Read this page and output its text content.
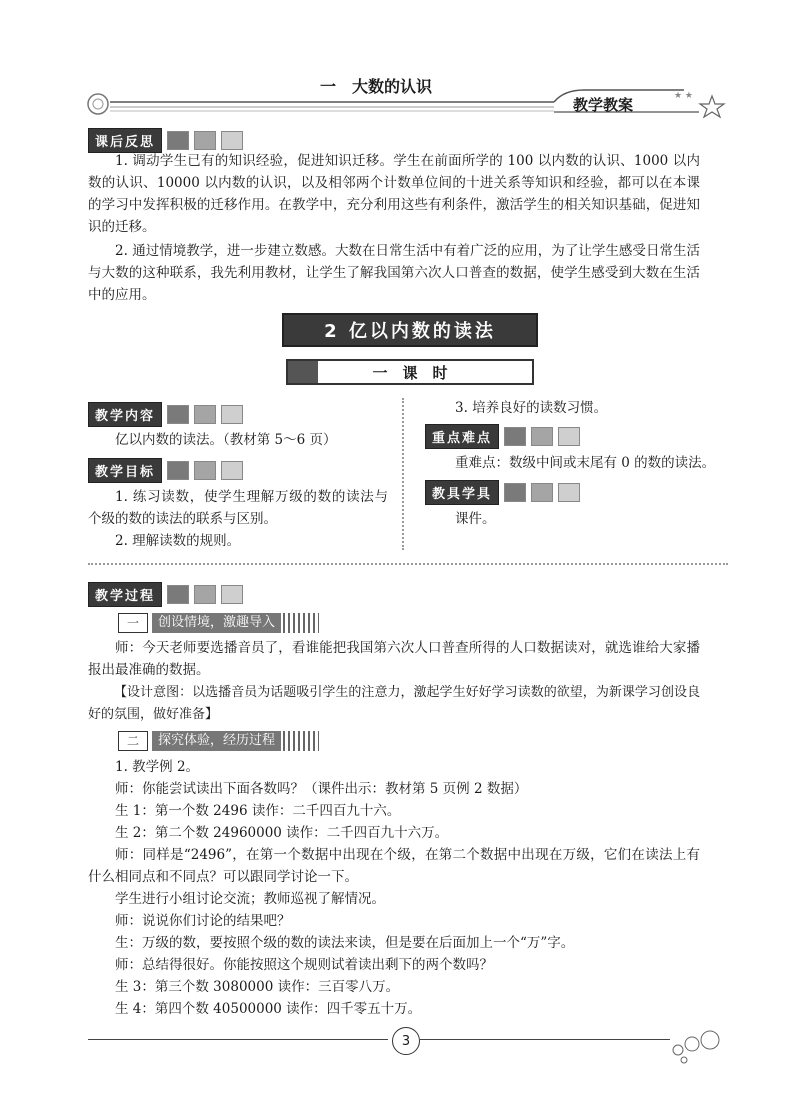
一　大数的认识	★ ★
教学教案
课后反思

1. 调动学生已有的知识经验，促进知识迁移。学生在前面所学的 100 以内数的认识、1000 以内数的认识、10000 以内数的认识，以及相邻两个计数单位间的十进关系等知识和经验，都可以在本课的学习中发挥积极的迁移作用。在教学中，充分利用这些有利条件，激活学生的相关知识基础，促进知识的迁移。

2. 通过情境教学，进一步建立数感。大数在日常生活中有着广泛的应用，为了让学生感受日常生活与大数的这种联系，我先利用教材，让学生了解我国第六次人口普查的数据，使学生感受到大数在生活中的应用。

2 亿以内数的读法
一　课　时
教学内容

亿以内数的读法。（教材第 5～6 页）

教学目标

1. 练习读数，使学生理解万级的数的读法与个级的数的读法的联系与区别。

2. 理解读数的规则。

3. 培养良好的读数习惯。

重点难点

重难点：数级中间或末尾有 0 的数的读法。

教具学具

课件。

教学过程
一	创设情境，激趣导入

师：今天老师要选播音员了，看谁能把我国第六次人口普查所得的人口数据读对，就选谁给大家播报出最准确的数据。

【设计意图：以选播音员为话题吸引学生的注意力，激起学生好好学习读数的欲望，为新课学习创设良好的氛围，做好准备】

二	探究体验，经历过程

1. 教学例 2。

师：你能尝试读出下面各数吗？（课件出示：教材第 5 页例 2 数据）

生 1：第一个数 2496 读作：二千四百九十六。

生 2：第二个数 24960000 读作：二千四百九十六万。

师：同样是“2496”，在第一个数据中出现在个级，在第二个数据中出现在万级，它们在读法上有什么相同点和不同点？可以跟同学讨论一下。

学生进行小组讨论交流；教师巡视了解情况。

师：说说你们讨论的结果吧？

生：万级的数，要按照个级的数的读法来读，但是要在后面加上一个“万”字。

师：总结得很好。你能按照这个规则试着读出剩下的两个数吗？

生 3：第三个数 3080000 读作：三百零八万。

生 4：第四个数 40500000 读作：四千零五十万。

3
